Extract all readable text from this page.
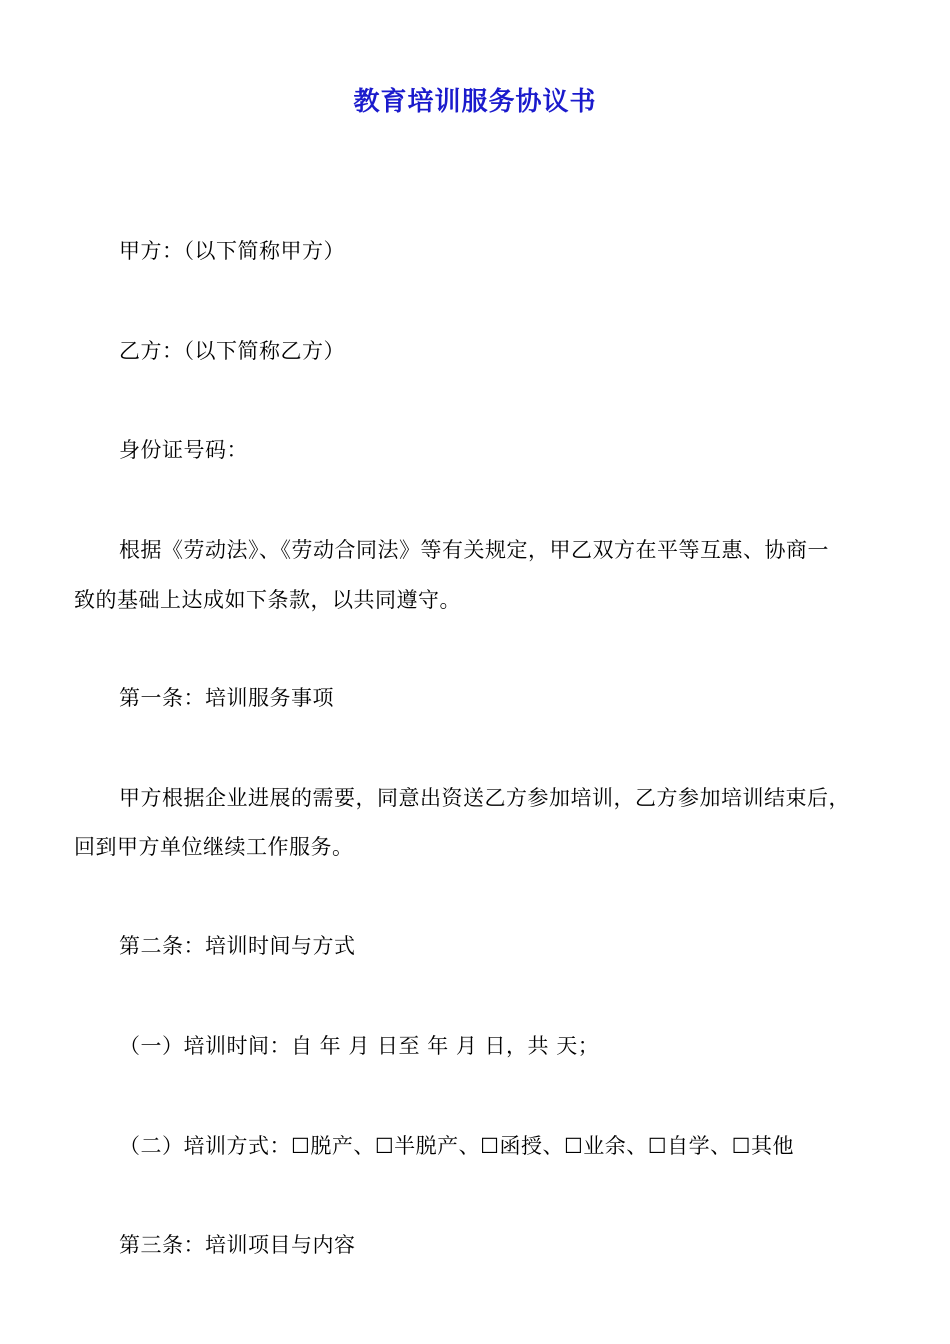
教育培训服务协议书
甲方：（以下简称甲方）
乙方：（以下简称乙方）
身份证号码：
根据《劳动法》、《劳动合同法》等有关规定，甲乙双方在平等互惠、协商一
致的基础上达成如下条款，以共同遵守。
第一条：培训服务事项
甲方根据企业进展的需要，同意出资送乙方参加培训，乙方参加培训结束后，
回到甲方单位继续工作服务。
第二条：培训时间与方式
（一）培训时间：自 年 月 日至 年 月 日，共 天；
（二）培训方式：☐脱产、☐半脱产、☐函授、☐业余、☐自学、☐其他
第三条：培训项目与内容
